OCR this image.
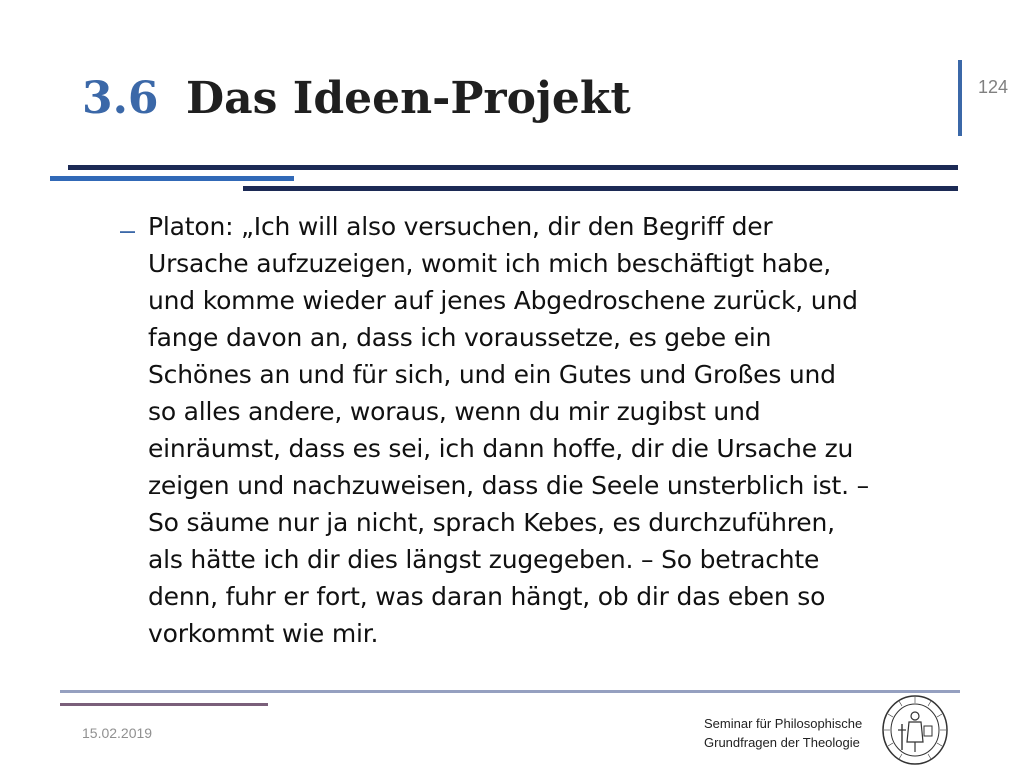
3.6 Das Ideen-Projekt	124
– Platon: „Ich will also versuchen, dir den Begriff der
Ursache aufzuzeigen, womit ich mich beschäftigt habe,
und komme wieder auf jenes Abgedroschene zurück, und
fange davon an, dass ich voraussetze, es gebe ein
Schönes an und für sich, und ein Gutes und Großes und
so alles andere, woraus, wenn du mir zugibst und
einräumst, dass es sei, ich dann hoffe, dir die Ursache zu
zeigen und nachzuweisen, dass die Seele unsterblich ist. –
So säume nur ja nicht, sprach Kebes, es durchzuführen,
als hätte ich dir dies längst zugegeben. – So betrachte
denn, fuhr er fort, was daran hängt, ob dir das eben so
vorkommt wie mir.
15.02.2019
Seminar für Philosophische
Grundfragen der Theologie
